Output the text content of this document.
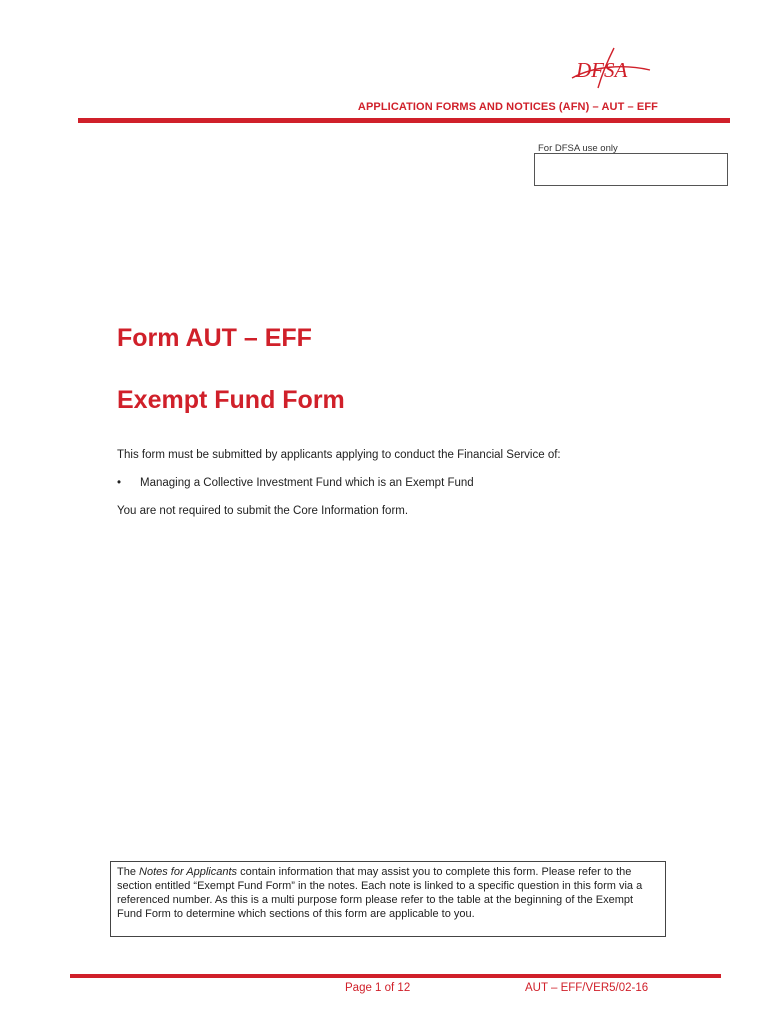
DFSA
APPLICATION FORMS AND NOTICES (AFN) – AUT – EFF
For DFSA use only
Form AUT – EFF
Exempt Fund Form
This form must be submitted by applicants applying to conduct the Financial Service of:
•	Managing a Collective Investment Fund which is an Exempt Fund
You are not required to submit the Core Information form.
The Notes for Applicants contain information that may assist you to complete this form. Please refer to the section entitled “Exempt Fund Form” in the notes. Each note is linked to a specific question in this form via a referenced number. As this is a multi purpose form please refer to the table at the beginning of the Exempt Fund Form to determine which sections of this form are applicable to you.
Page 1 of 12	AUT – EFF/VER5/02-16
